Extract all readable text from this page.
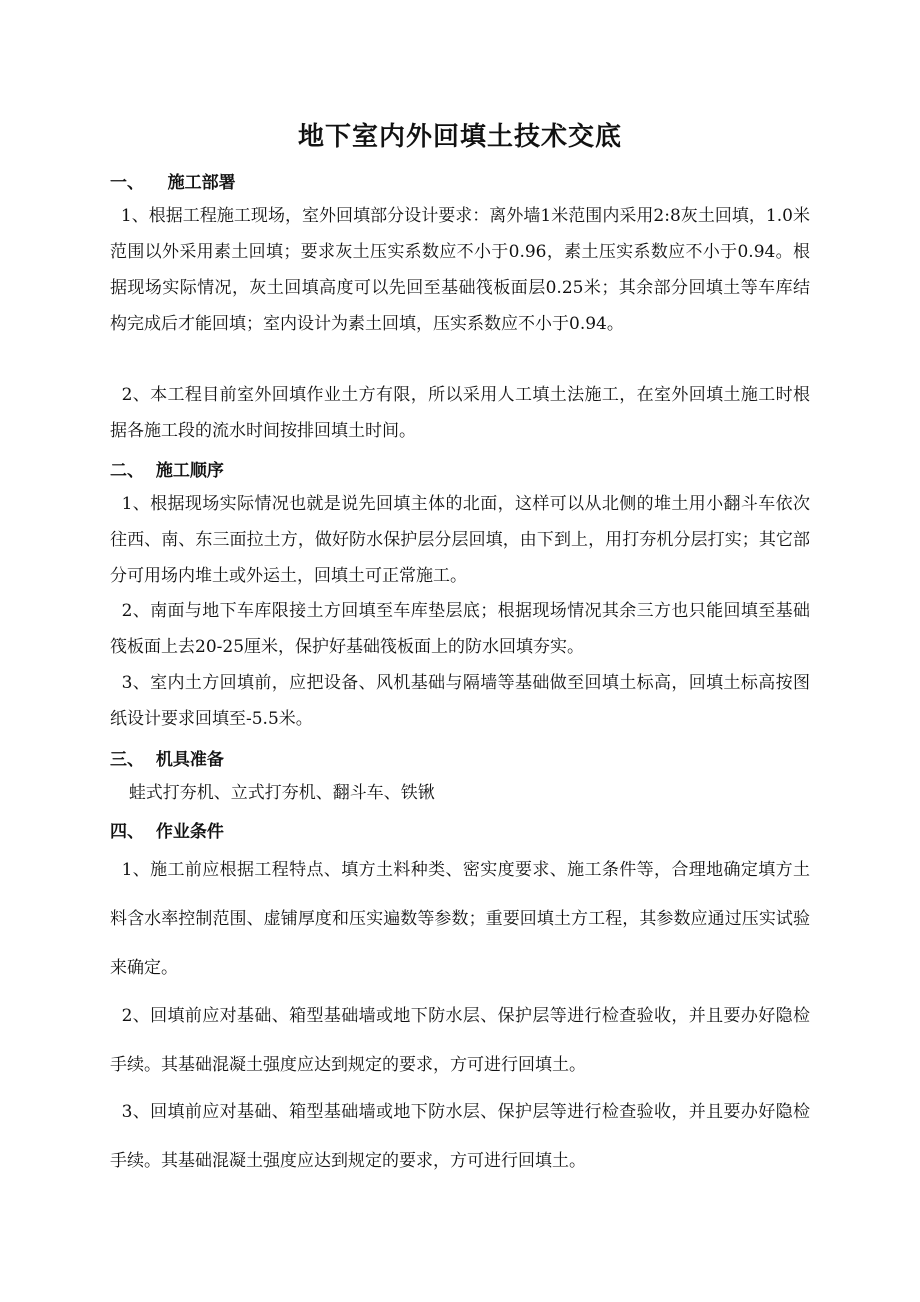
地下室内外回填土技术交底
一、    施工部署
1、根据工程施工现场，室外回填部分设计要求：离外墙1米范围内采用2:8灰土回填，1.0米范围以外采用素土回填；要求灰土压实系数应不小于0.96，素土压实系数应不小于0.94。根据现场实际情况，灰土回填高度可以先回至基础筏板面层0.25米；其余部分回填土等车库结构完成后才能回填；室内设计为素土回填，压实系数应不小于0.94。
2、本工程目前室外回填作业土方有限，所以采用人工填土法施工，在室外回填土施工时根据各施工段的流水时间按排回填土时间。
二、  施工顺序
1、根据现场实际情况也就是说先回填主体的北面，这样可以从北侧的堆土用小翻斗车依次往西、南、东三面拉土方，做好防水保护层分层回填，由下到上，用打夯机分层打实；其它部分可用场内堆土或外运土，回填土可正常施工。
2、南面与地下车库限接土方回填至车库垫层底；根据现场情况其余三方也只能回填至基础筏板面上去20-25厘米，保护好基础筏板面上的防水回填夯实。
3、室内土方回填前，应把设备、风机基础与隔墙等基础做至回填土标高，回填土标高按图纸设计要求回填至-5.5米。
三、  机具准备
蛙式打夯机、立式打夯机、翻斗车、铁锹
四、  作业条件
1、施工前应根据工程特点、填方土料种类、密实度要求、施工条件等，合理地确定填方土料含水率控制范围、虚铺厚度和压实遍数等参数；重要回填土方工程，其参数应通过压实试验来确定。
2、回填前应对基础、箱型基础墙或地下防水层、保护层等进行检查验收，并且要办好隐检手续。其基础混凝土强度应达到规定的要求，方可进行回填土。
3、回填前应对基础、箱型基础墙或地下防水层、保护层等进行检查验收，并且要办好隐检手续。其基础混凝土强度应达到规定的要求，方可进行回填土。
